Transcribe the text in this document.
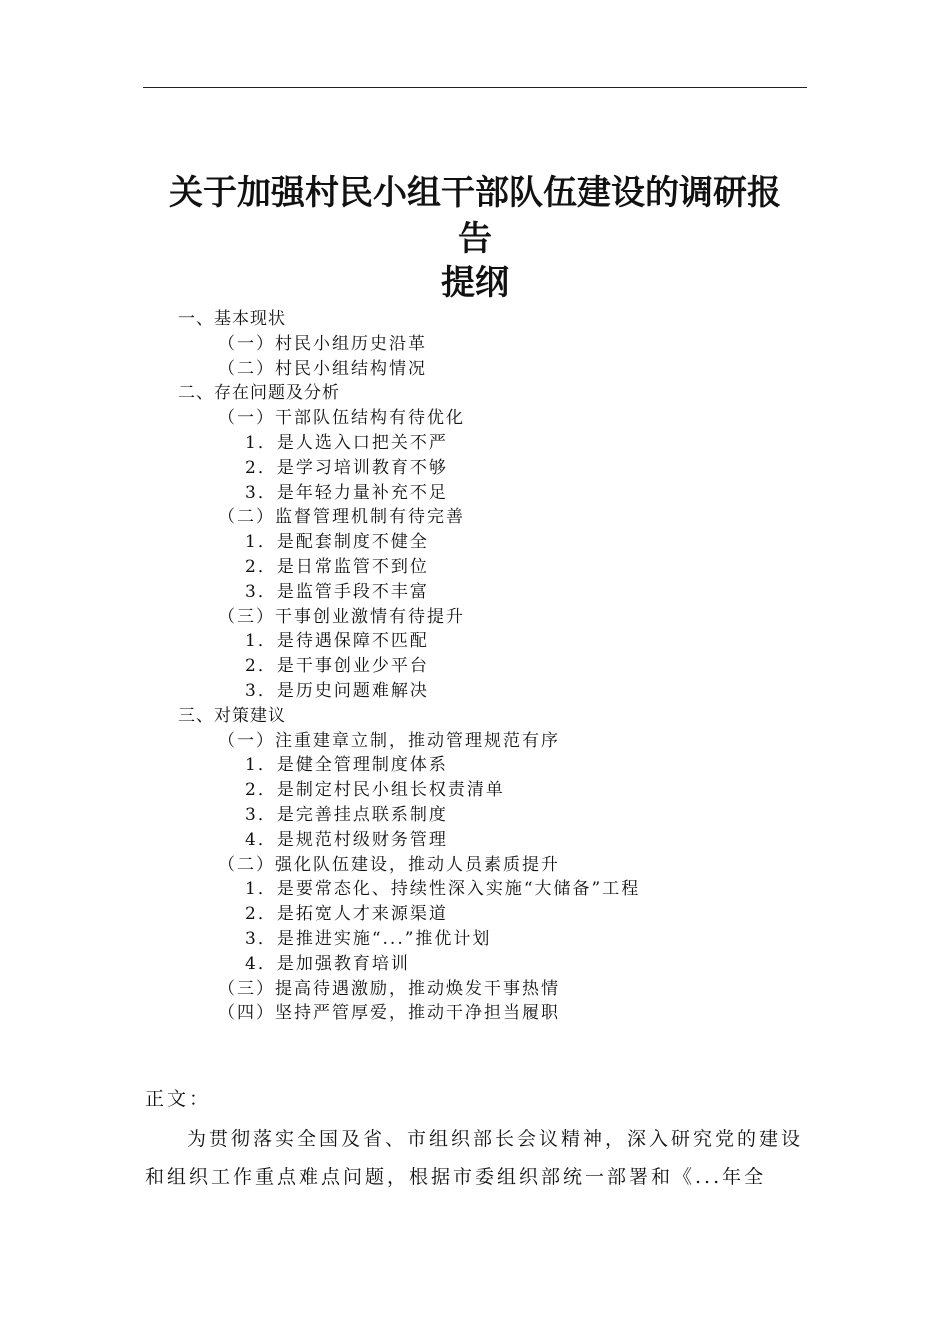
关于加强村民小组干部队伍建设的调研报
告
提纲
一、基本现状
（一）村民小组历史沿革
（二）村民小组结构情况
二、存在问题及分析
（一）干部队伍结构有待优化
1．是人选入口把关不严
2．是学习培训教育不够
3．是年轻力量补充不足
（二）监督管理机制有待完善
1．是配套制度不健全
2．是日常监管不到位
3．是监管手段不丰富
（三）干事创业激情有待提升
1．是待遇保障不匹配
2．是干事创业少平台
3．是历史问题难解决
三、对策建议
（一）注重建章立制，推动管理规范有序
1．是健全管理制度体系
2．是制定村民小组长权责清单
3．是完善挂点联系制度
4．是规范村级财务管理
（二）强化队伍建设，推动人员素质提升
1．是要常态化、持续性深入实施“大储备”工程
2．是拓宽人才来源渠道
3．是推进实施“...”推优计划
4．是加强教育培训
（三）提高待遇激励，推动焕发干事热情
（四）坚持严管厚爱，推动干净担当履职
正文：
为贯彻落实全国及省、市组织部长会议精神，深入研究党的建设和组织工作重点难点问题，根据市委组织部统一部署和《...年全
